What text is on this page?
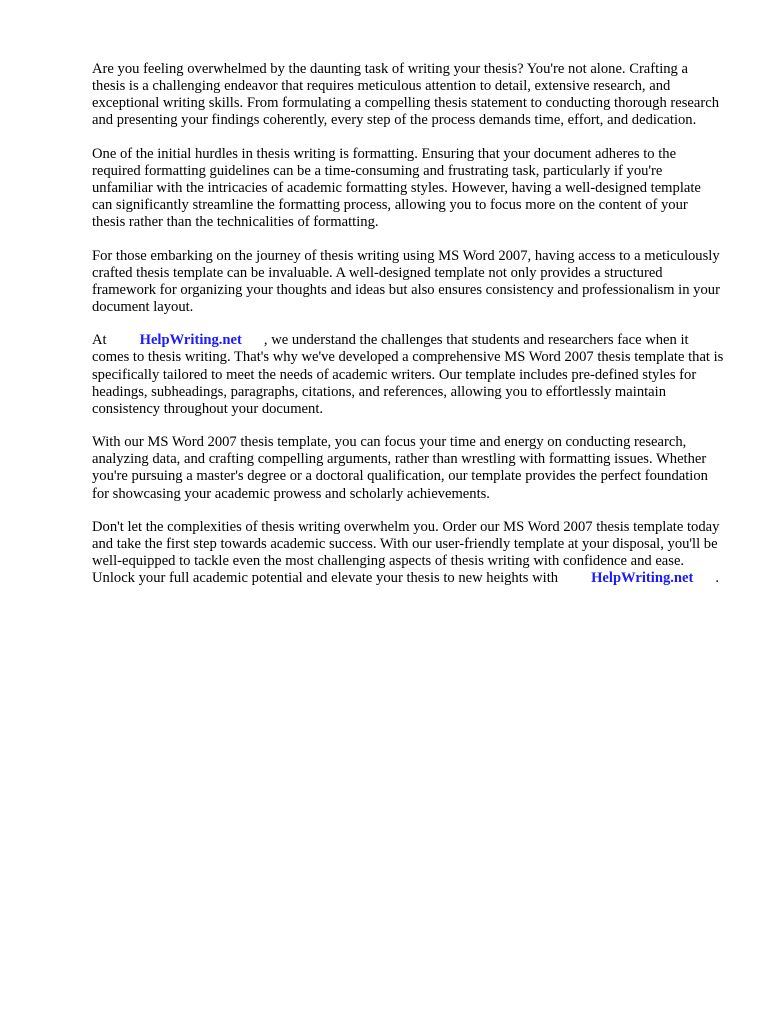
Are you feeling overwhelmed by the daunting task of writing your thesis? You're not alone. Crafting a thesis is a challenging endeavor that requires meticulous attention to detail, extensive research, and exceptional writing skills. From formulating a compelling thesis statement to conducting thorough research and presenting your findings coherently, every step of the process demands time, effort, and dedication.

One of the initial hurdles in thesis writing is formatting. Ensuring that your document adheres to the required formatting guidelines can be a time-consuming and frustrating task, particularly if you're unfamiliar with the intricacies of academic formatting styles. However, having a well-designed template can significantly streamline the formatting process, allowing you to focus more on the content of your thesis rather than the technicalities of formatting.

For those embarking on the journey of thesis writing using MS Word 2007, having access to a meticulously crafted thesis template can be invaluable. A well-designed template not only provides a structured framework for organizing your thoughts and ideas but also ensures consistency and professionalism in your document layout.

At HelpWriting.net , we understand the challenges that students and researchers face when it comes to thesis writing. That's why we've developed a comprehensive MS Word 2007 thesis template that is specifically tailored to meet the needs of academic writers. Our template includes pre-defined styles for headings, subheadings, paragraphs, citations, and references, allowing you to effortlessly maintain consistency throughout your document.

With our MS Word 2007 thesis template, you can focus your time and energy on conducting research, analyzing data, and crafting compelling arguments, rather than wrestling with formatting issues. Whether you're pursuing a master's degree or a doctoral qualification, our template provides the perfect foundation for showcasing your academic prowess and scholarly achievements.

Don't let the complexities of thesis writing overwhelm you. Order our MS Word 2007 thesis template today and take the first step towards academic success. With our user-friendly template at your disposal, you'll be well-equipped to tackle even the most challenging aspects of thesis writing with confidence and ease. Unlock your full academic potential and elevate your thesis to new heights with HelpWriting.net .
